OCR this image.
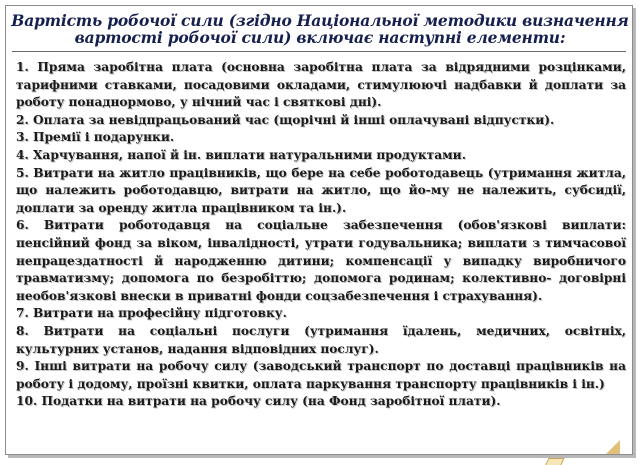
Вартість робочої сили (згідно Національної методики визначення
вартості робочої сили) включає наступні елементи:
1. Пряма заробітна плата (основна заробітна плата за відрядними розцінками, тарифними ставками, посадовими окладами, стимулюючі надбавки й доплати за роботу понаднормово, у нічний час і святкові дні).
2. Оплата за невідпрацьований час (щорічні й інші оплачувані відпустки).
3. Премії і подарунки.
4. Харчування, напої й ін. виплати натуральними продуктами.
5. Витрати на житло працівників, що бере на себе роботодавець (утримання житла, що належить роботодавцю, витрати на житло, що йо-му не належить, субсидії, доплати за оренду житла працівником та ін.).
6. Витрати роботодавця на соціальне забезпечення (обов'язкові виплати: пенсійний фонд за віком, інвалідності, утрати годувальника; виплати з тимчасової непрацездатності й народженню дитини; компенсації у випадку виробничого травматизму; допомога по безробіттю; допомога родинам; колективно- договірні необов'язкові внески в приватні фонди соцзабезпечення і страхування).
7. Витрати на професійну підготовку.
8. Витрати на соціальні послуги (утримання їдалень, медичних, освітніх, культурних установ, надання відповідних послуг).
9. Інші витрати на робочу силу (заводський транспорт по доставці працівників на роботу і додому, проїзні квитки, оплата паркування транспорту працівників і ін.)
10. Податки на витрати на робочу силу (на Фонд заробітної плати).
